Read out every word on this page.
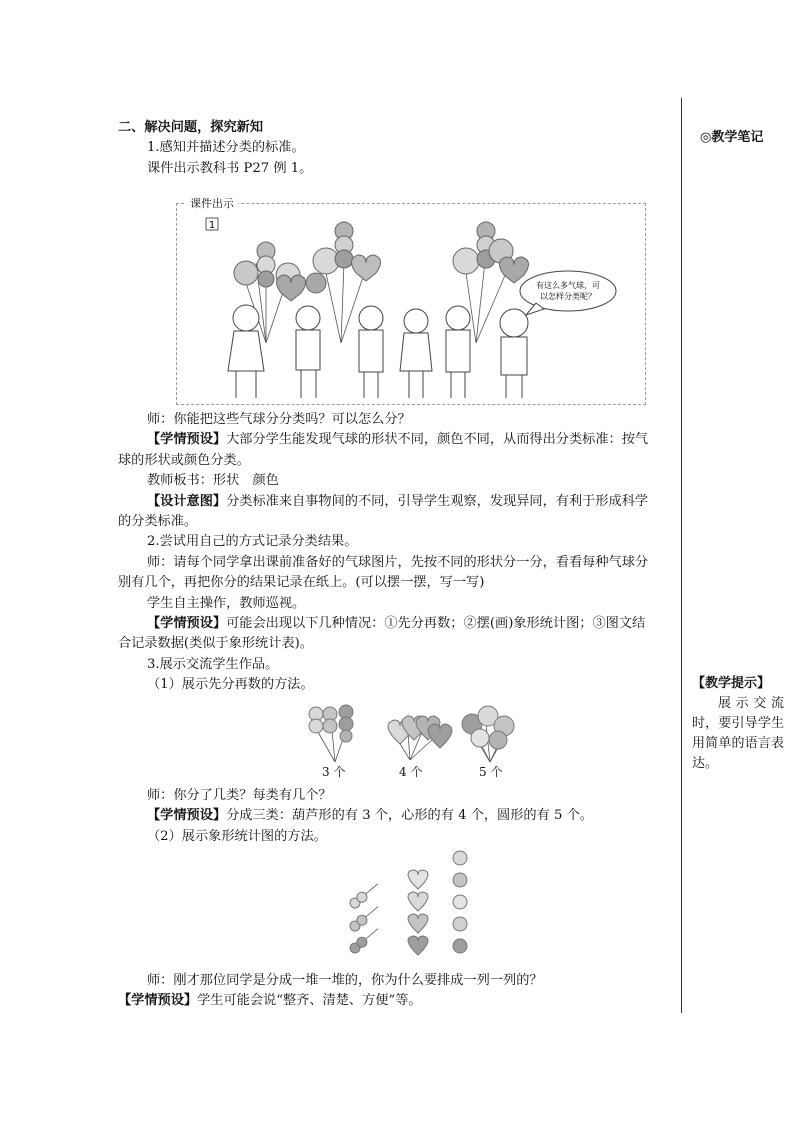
二、解决问题，探究新知

1.感知并描述分类的标准。

课件出示教科书 P27 例 1。

课件出示
1
有这么多气球，可
以怎样分类呢？

师：你能把这些气球分分类吗？可以怎么分？

【学情预设】大部分学生能发现气球的形状不同，颜色不同，从而得出分类标准：按气

球的形状或颜色分类。

教师板书：形状　颜色

【设计意图】分类标准来自事物间的不同，引导学生观察，发现异同，有利于形成科学

的分类标准。

2.尝试用自己的方式记录分类结果。

师：请每个同学拿出课前准备好的气球图片，先按不同的形状分一分，看看每种气球分

别有几个，再把你分的结果记录在纸上。(可以摆一摆，写一写)

学生自主操作，教师巡视。

【学情预设】可能会出现以下几种情况：①先分再数；②摆(画)象形统计图；③图文结

合记录数据(类似于象形统计表)。

3.展示交流学生作品。

（1）展示先分再数的方法。

3 个	4 个	5 个

师：你分了几类？每类有几个？

【学情预设】分成三类：葫芦形的有 3 个，心形的有 4 个，圆形的有 5 个。

（2）展示象形统计图的方法。

师：刚才那位同学是分成一堆一堆的，你为什么要排成一列一列的？

【学情预设】学生可能会说“整齐、清楚、方便”等。

◎教学笔记

【教学提示】

展示交流时，要引导学生用简单的语言表达。
